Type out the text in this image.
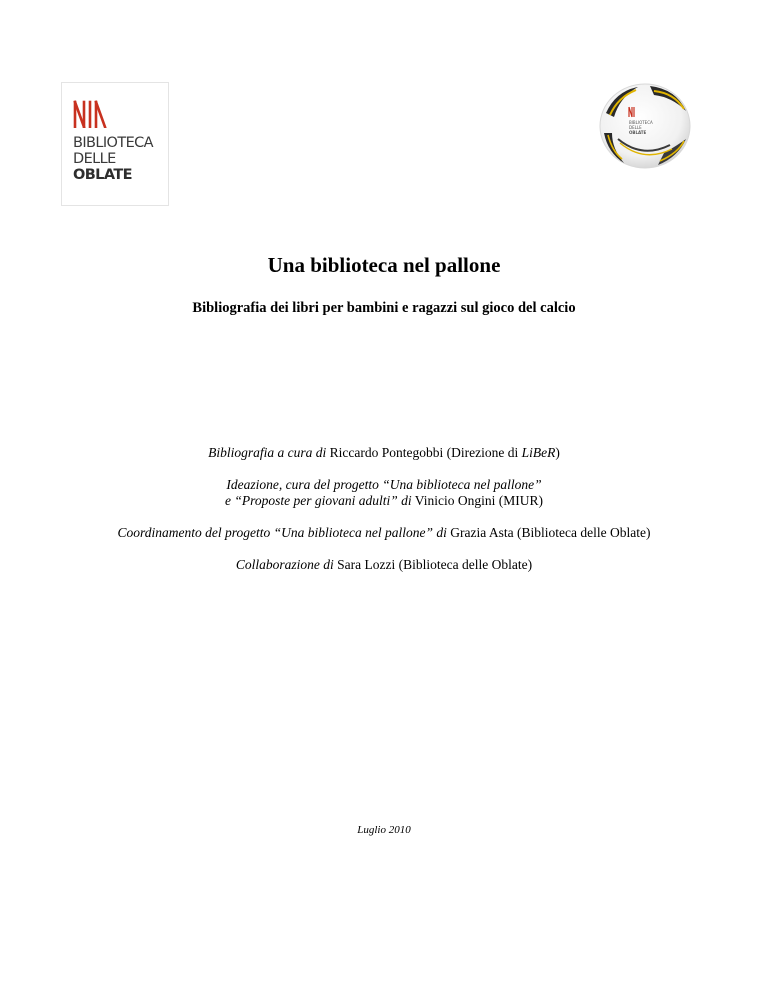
BIBLIOTECA
DELLE
OBLATE
BIBLIOTECA
DELLE
OBLATE
Una biblioteca nel pallone
Bibliografia dei libri per bambini e ragazzi sul gioco del calcio
Bibliografia a cura di Riccardo Pontegobbi (Direzione di LiBeR)
Ideazione, cura del progetto “Una biblioteca nel pallone”
e “Proposte per giovani adulti” di Vinicio Ongini (MIUR)
Coordinamento del progetto “Una biblioteca nel pallone” di Grazia Asta (Biblioteca delle Oblate)
Collaborazione di Sara Lozzi (Biblioteca delle Oblate)
Luglio 2010
